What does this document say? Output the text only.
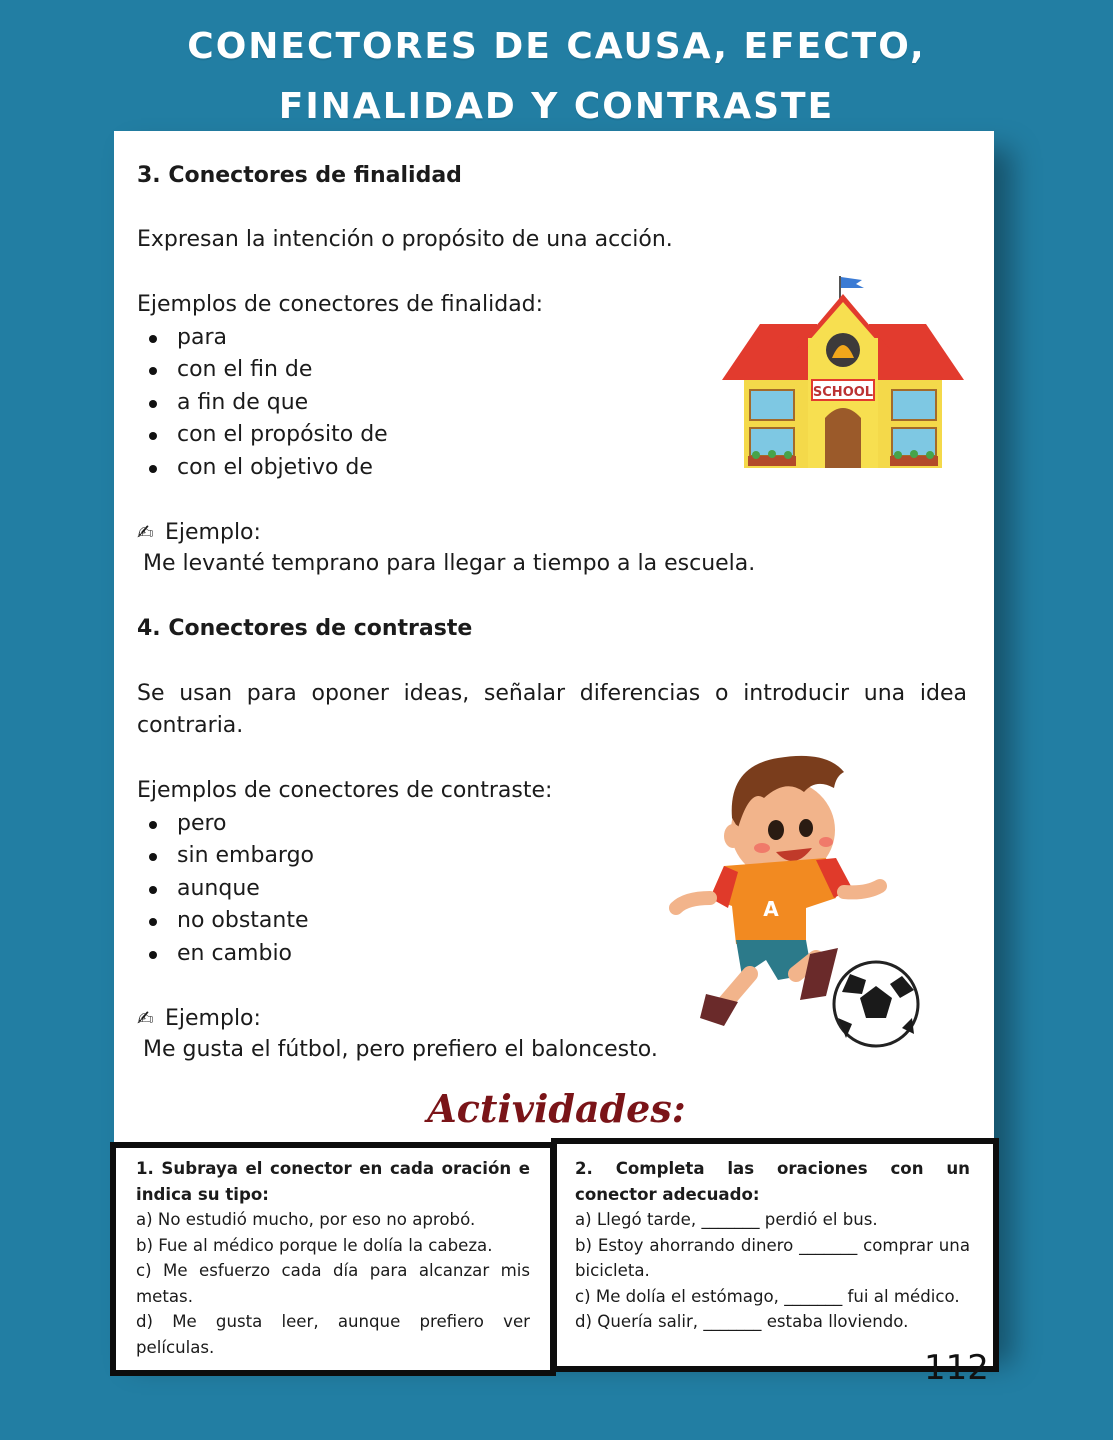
CONECTORES DE CAUSA, EFECTO,
FINALIDAD Y CONTRASTE
3. Conectores de finalidad
Expresan la intención o propósito de una acción.
Ejemplos de conectores de finalidad:
para
con el fin de
a fin de que
con el propósito de
con el objetivo de
✍ Ejemplo:
Me levanté temprano para llegar a tiempo a la escuela.
SCHOOL
4. Conectores de contraste
Se usan para oponer ideas, señalar diferencias o introducir una idea contraria.
Ejemplos de conectores de contraste:
pero
sin embargo
aunque
no obstante
en cambio
✍ Ejemplo:
Me gusta el fútbol, pero prefiero el baloncesto.
A
Actividades:
1. Subraya el conector en cada oración e indica su tipo:
a) No estudió mucho, por eso no aprobó.
b) Fue al médico porque le dolía la cabeza.
c) Me esfuerzo cada día para alcanzar mis metas.
d) Me gusta leer, aunque prefiero ver películas.
2. Completa las oraciones con un conector adecuado:
a) Llegó tarde, _______ perdió el bus.
b) Estoy ahorrando dinero _______ comprar una bicicleta.
c) Me dolía el estómago, _______ fui al médico.
d) Quería salir, _______ estaba lloviendo.
112
